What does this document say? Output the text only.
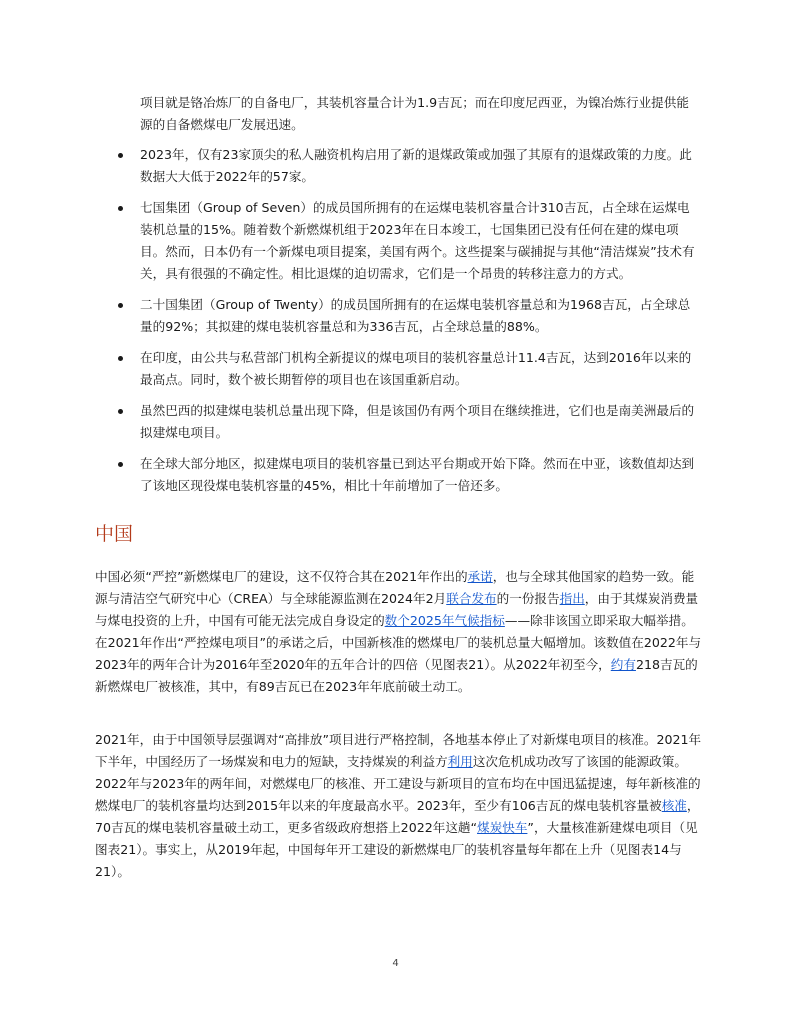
项目就是铬冶炼厂的自备电厂，其装机容量合计为1.9吉瓦；而在印度尼西亚，为镍冶炼行业提供能源的自备燃煤电厂发展迅速。

2023年，仅有23家顶尖的私人融资机构启用了新的退煤政策或加强了其原有的退煤政策的力度。此数据大大低于2022年的57家。
七国集团（Group of Seven）的成员国所拥有的在运煤电装机容量合计310吉瓦，占全球在运煤电装机总量的15%。随着数个新燃煤机组于2023年在日本竣工，七国集团已没有任何在建的煤电项目。然而，日本仍有一个新煤电项目提案，美国有两个。这些提案与碳捕捉与其他“清洁煤炭”技术有关，具有很强的不确定性。相比退煤的迫切需求，它们是一个昂贵的转移注意力的方式。
二十国集团（Group of Twenty）的成员国所拥有的在运煤电装机容量总和为1968吉瓦，占全球总量的92%；其拟建的煤电装机容量总和为336吉瓦，占全球总量的88%。
在印度，由公共与私营部门机构全新提议的煤电项目的装机容量总计11.4吉瓦，达到2016年以来的最高点。同时，数个被长期暂停的项目也在该国重新启动。
虽然巴西的拟建煤电装机总量出现下降，但是该国仍有两个项目在继续推进，它们也是南美洲最后的拟建煤电项目。
在全球大部分地区，拟建煤电项目的装机容量已到达平台期或开始下降。然而在中亚，该数值却达到了该地区现役煤电装机容量的45%，相比十年前增加了一倍还多。
中国

中国必须“严控”新燃煤电厂的建设，这不仅符合其在2021年作出的承诺，也与全球其他国家的趋势一致。能源与清洁空气研究中心（CREA）与全球能源监测在2024年2月联合发布的一份报告指出，由于其煤炭消费量与煤电投资的上升，中国有可能无法完成自身设定的数个2025年气候指标——除非该国立即采取大幅举措。在2021年作出“严控煤电项目”的承诺之后，中国新核准的燃煤电厂的装机总量大幅增加。该数值在2022年与2023年的两年合计为2016年至2020年的五年合计的四倍（见图表21）。从2022年初至今，约有218吉瓦的新燃煤电厂被核准，其中，有89吉瓦已在2023年年底前破土动工。

2021年，由于中国领导层强调对“高排放”项目进行严格控制，各地基本停止了对新煤电项目的核准。2021年下半年，中国经历了一场煤炭和电力的短缺，支持煤炭的利益方利用这次危机成功改写了该国的能源政策。2022年与2023年的两年间，对燃煤电厂的核准、开工建设与新项目的宣布均在中国迅猛提速，每年新核准的燃煤电厂的装机容量均达到2015年以来的年度最高水平。2023年，至少有106吉瓦的煤电装机容量被核准，70吉瓦的煤电装机容量破土动工，更多省级政府想搭上2022年这趟“煤炭快车”，大量核准新建煤电项目（见图表21）。事实上，从2019年起，中国每年开工建设的新燃煤电厂的装机容量每年都在上升（见图表14与21）。

4
